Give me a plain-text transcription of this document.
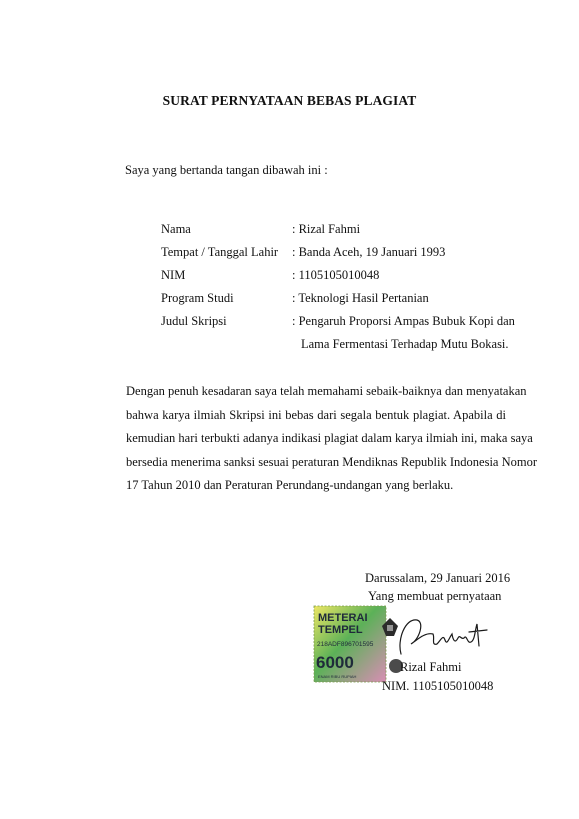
SURAT PERNYATAAN BEBAS PLAGIAT
Saya yang bertanda tangan dibawah ini :
Nama	: Rizal Fahmi
Tempat / Tanggal Lahir	: Banda Aceh, 19 Januari 1993
NIM	: 1105105010048
Program Studi	: Teknologi Hasil Pertanian
Judul Skripsi	: Pengaruh Proporsi Ampas Bubuk Kopi dan
Lama Fermentasi Terhadap Mutu Bokasi.
Dengan penuh kesadaran saya telah memahami sebaik-baiknya dan menyatakan
bahwa karya ilmiah Skripsi ini bebas dari segala bentuk plagiat. Apabila di
kemudian hari terbukti adanya indikasi plagiat dalam karya ilmiah ini, maka saya
bersedia menerima sanksi sesuai peraturan Mendiknas Republik Indonesia Nomor
17 Tahun 2010 dan Peraturan Perundang-undangan yang berlaku.
Darussalam, 29 Januari 2016
Yang membuat pernyataan
METERAI
TEMPEL
218ADF896701595
6000
ENAM RIBU RUPIAH
Rizal Fahmi
NIM. 1105105010048
